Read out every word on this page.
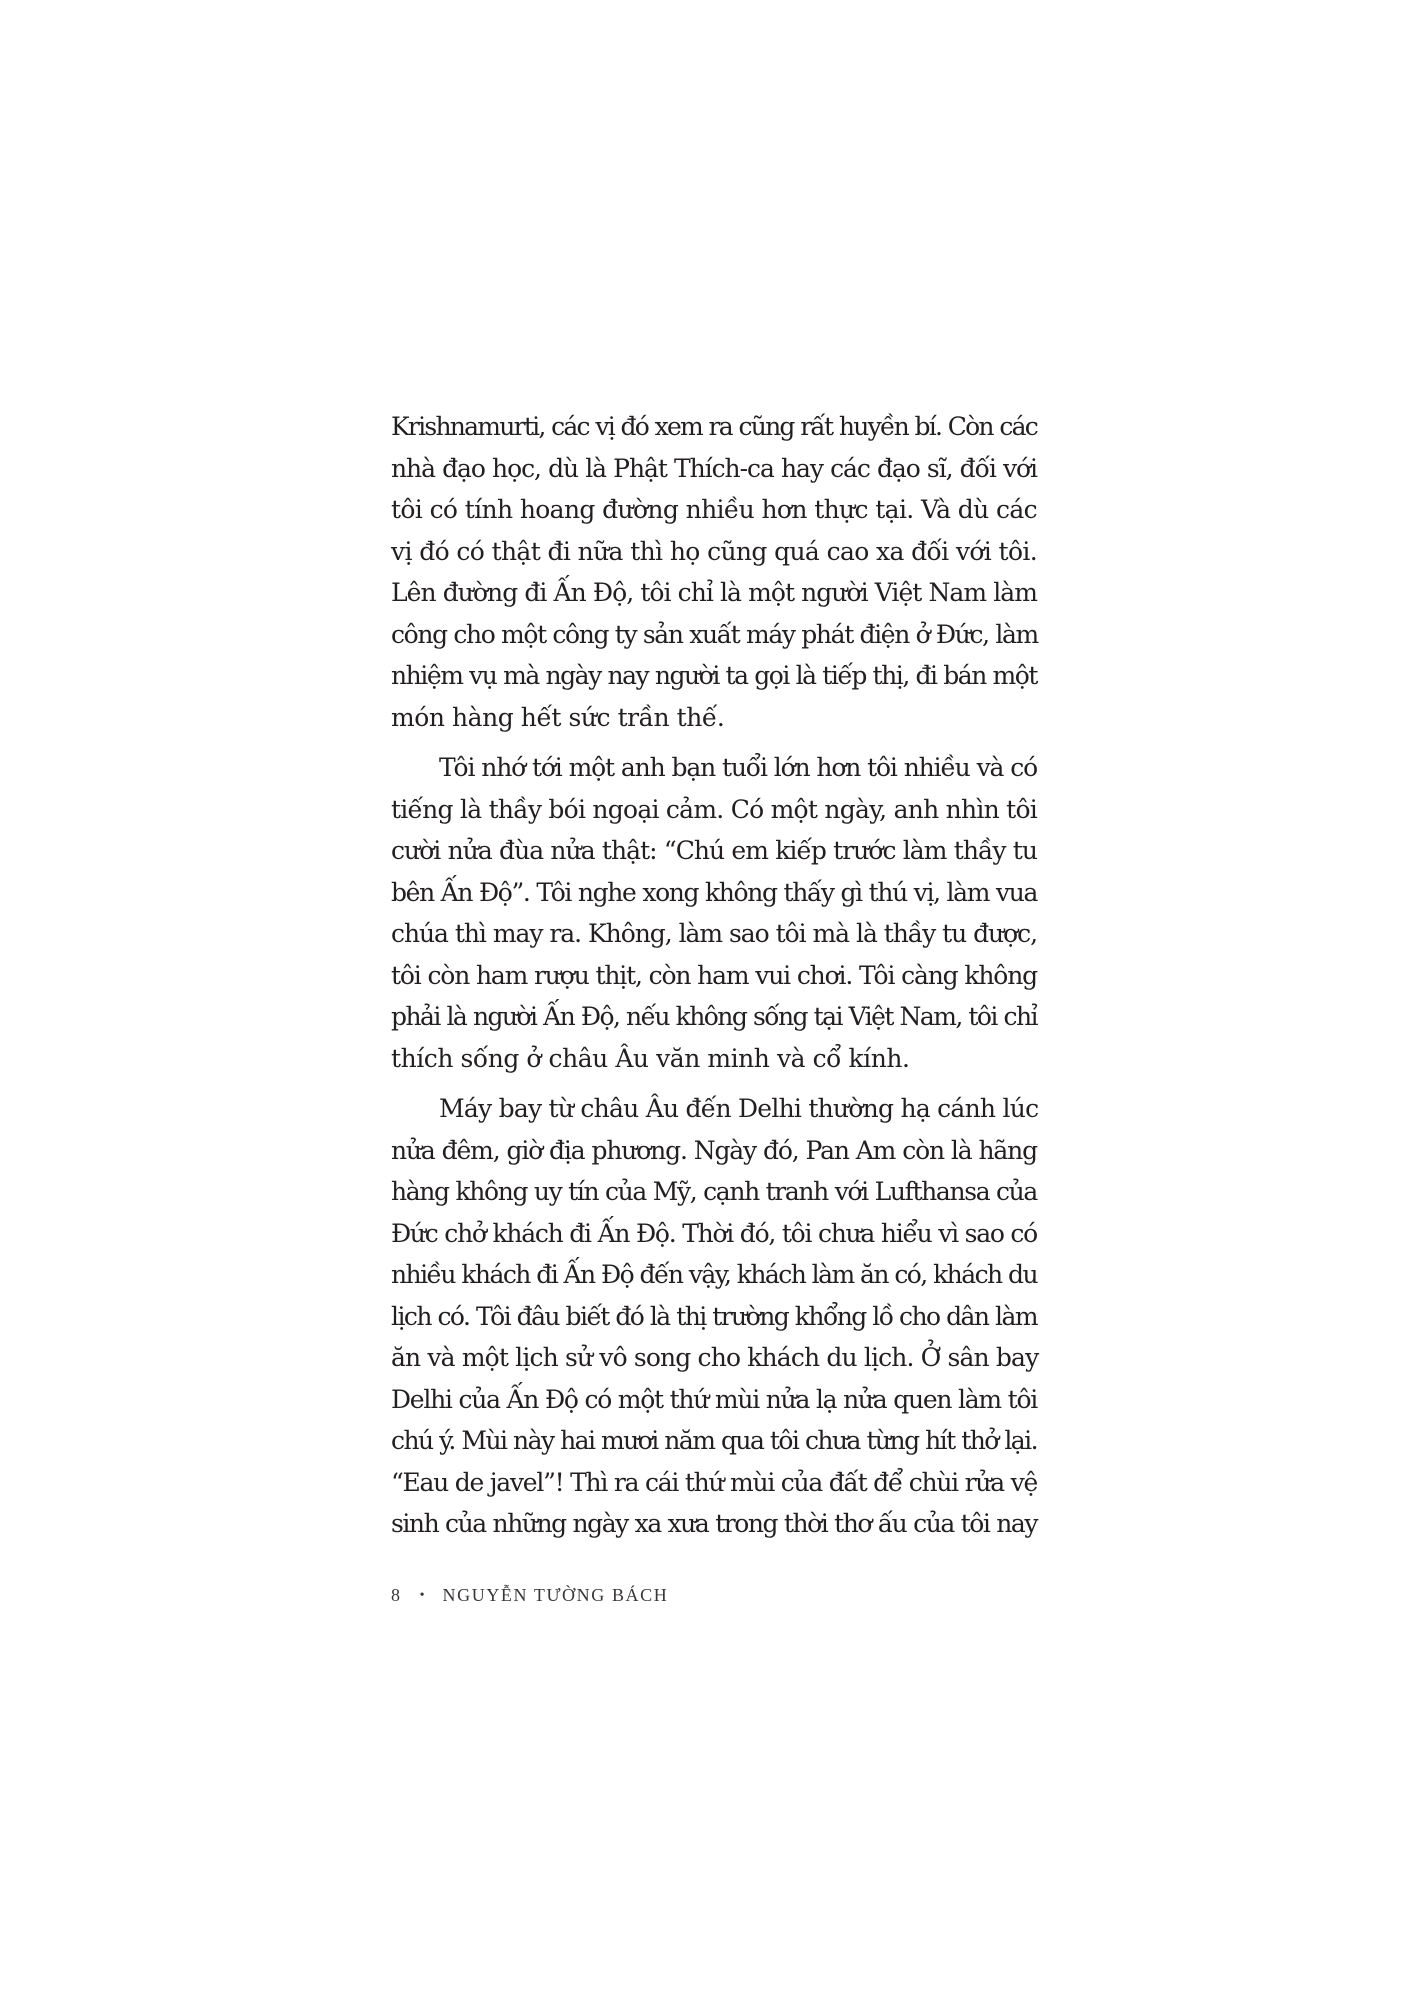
Krishnamurti, các vị đó xem ra cũng rất huyền bí. Còn các
nhà đạo học, dù là Phật Thích-ca hay các đạo sĩ, đối với
tôi có tính hoang đường nhiều hơn thực tại. Và dù các
vị đó có thật đi nữa thì họ cũng quá cao xa đối với tôi.
Lên đường đi Ấn Độ, tôi chỉ là một người Việt Nam làm
công cho một công ty sản xuất máy phát điện ở Đức, làm
nhiệm vụ mà ngày nay người ta gọi là tiếp thị, đi bán một
món hàng hết sức trần thế.
Tôi nhớ tới một anh bạn tuổi lớn hơn tôi nhiều và có
tiếng là thầy bói ngoại cảm. Có một ngày, anh nhìn tôi
cười nửa đùa nửa thật: “Chú em kiếp trước làm thầy tu
bên Ấn Độ”. Tôi nghe xong không thấy gì thú vị, làm vua
chúa thì may ra. Không, làm sao tôi mà là thầy tu được,
tôi còn ham rượu thịt, còn ham vui chơi. Tôi càng không
phải là người Ấn Độ, nếu không sống tại Việt Nam, tôi chỉ
thích sống ở châu Âu văn minh và cổ kính.
Máy bay từ châu Âu đến Delhi thường hạ cánh lúc
nửa đêm, giờ địa phương. Ngày đó, Pan Am còn là hãng
hàng không uy tín của Mỹ, cạnh tranh với Lufthansa của
Đức chở khách đi Ấn Độ. Thời đó, tôi chưa hiểu vì sao có
nhiều khách đi Ấn Độ đến vậy, khách làm ăn có, khách du
lịch có. Tôi đâu biết đó là thị trường khổng lồ cho dân làm
ăn và một lịch sử vô song cho khách du lịch. Ở sân bay
Delhi của Ấn Độ có một thứ mùi nửa lạ nửa quen làm tôi
chú ý. Mùi này hai mươi năm qua tôi chưa từng hít thở lại.
“Eau de javel”! Thì ra cái thứ mùi của đất để chùi rửa vệ
sinh của những ngày xa xưa trong thời thơ ấu của tôi nay
8 • NGUYỄN TƯỜNG BÁCH
